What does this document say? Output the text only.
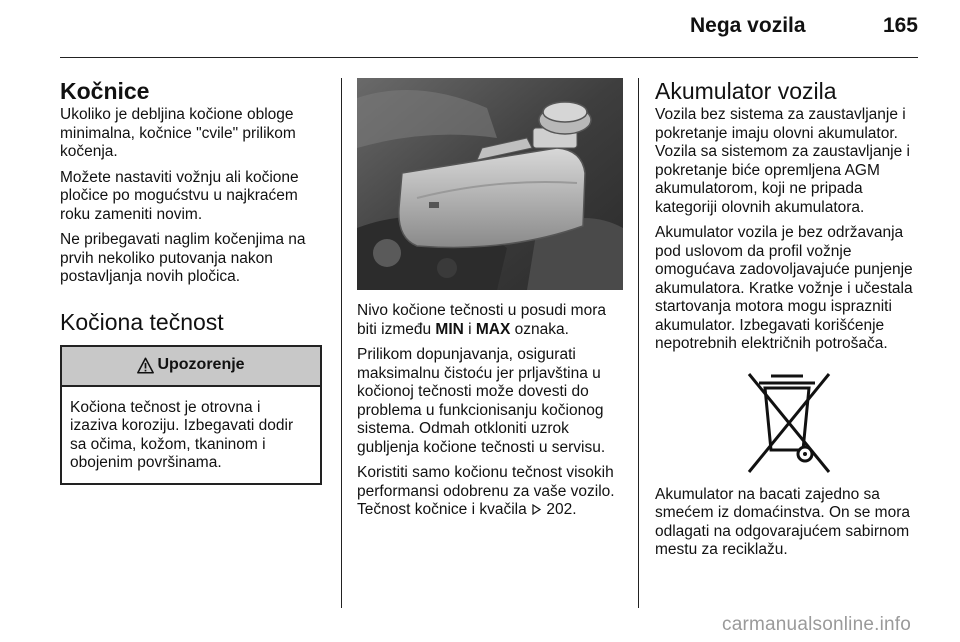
Nega vozila	165
Kočnice

Ukoliko je debljina kočione obloge minimalna, kočnice "cvile" prilikom kočenja.

Možete nastaviti vožnju ali kočione pločice po mogućstvu u najkraćem roku zameniti novim.

Ne pribegavati naglim kočenjima na prvih nekoliko putovanja nakon postavljanja novih pločica.

Kočiona tečnost
Upozorenje
Kočiona tečnost je otrovna i izaziva koroziju. Izbegavati dodir sa očima, kožom, tkaninom i obojenim površinama.

Nivo kočione tečnosti u posudi mora biti između MIN i MAX oznaka.

Prilikom dopunjavanja, osigurati maksimalnu čistoću jer prljavština u kočionoj tečnosti može dovesti do problema u funkcionisanju kočionog sistema. Odmah otkloniti uzrok gubljenja kočione tečnosti u servisu.

Koristiti samo kočionu tečnost visokih performansi odobrenu za vaše vozilo. Tečnost kočnice i kvačila  202.

Akumulator vozila

Vozila bez sistema za zaustavljanje i pokretanje imaju olovni akumulator. Vozila sa sistemom za zaustavljanje i pokretanje biće opremljena AGM akumulatorom, koji ne pripada kategoriji olovnih akumulatora.

Akumulator vozila je bez održavanja pod uslovom da profil vožnje omogućava zadovoljavajuće punjenje akumulatora. Kratke vožnje i učestala startovanja motora mogu isprazniti akumulator. Izbegavati korišćenje nepotrebnih električnih potrošača.

Akumulator na bacati zajedno sa smećem iz domaćinstva. On se mora odlagati na odgovarajućem sabirnom mestu za reciklažu.

carmanualsonline.info
